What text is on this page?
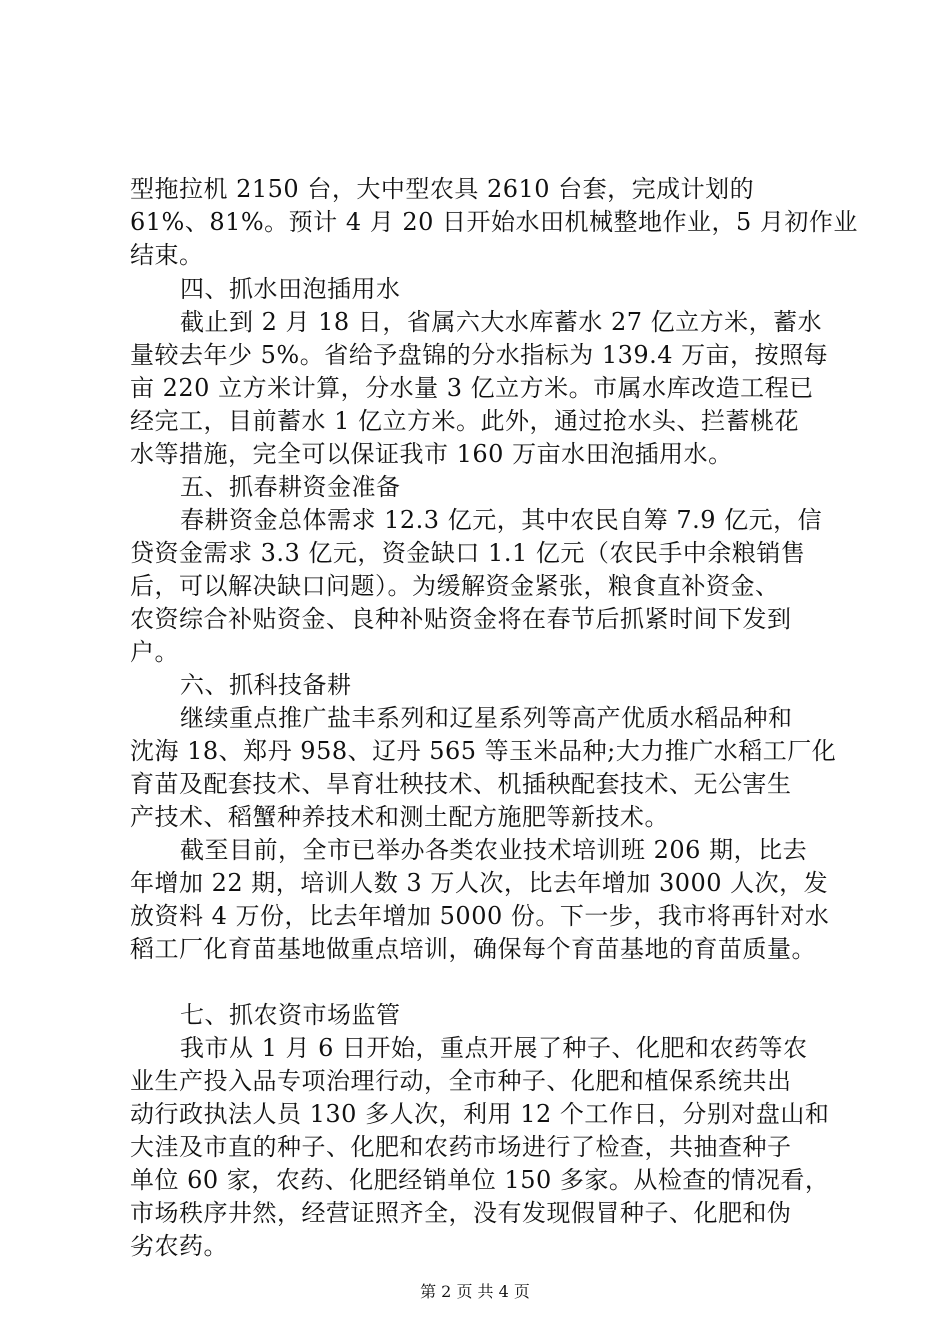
型拖拉机 2150 台，大中型农具 2610 台套，完成计划的
61%、81%。预计 4 月 20 日开始水田机械整地作业，5 月初作业
结束。
四、抓水田泡插用水
截止到 2 月 18 日，省属六大水库蓄水 27 亿立方米，蓄水
量较去年少 5%。省给予盘锦的分水指标为 139.4 万亩，按照每
亩 220 立方米计算，分水量 3 亿立方米。市属水库改造工程已
经完工，目前蓄水 1 亿立方米。此外，通过抢水头、拦蓄桃花
水等措施，完全可以保证我市 160 万亩水田泡插用水。
五、抓春耕资金准备
春耕资金总体需求 12.3 亿元，其中农民自筹 7.9 亿元，信
贷资金需求 3.3 亿元，资金缺口 1.1 亿元（农民手中余粮销售
后，可以解决缺口问题）。为缓解资金紧张，粮食直补资金、
农资综合补贴资金、良种补贴资金将在春节后抓紧时间下发到
户。
六、抓科技备耕
继续重点推广盐丰系列和辽星系列等高产优质水稻品种和
沈海 18、郑丹 958、辽丹 565 等玉米品种;大力推广水稻工厂化
育苗及配套技术、旱育壮秧技术、机插秧配套技术、无公害生
产技术、稻蟹种养技术和测土配方施肥等新技术。
截至目前，全市已举办各类农业技术培训班 206 期，比去
年增加 22 期，培训人数 3 万人次，比去年增加 3000 人次，发
放资料 4 万份，比去年增加 5000 份。下一步，我市将再针对水
稻工厂化育苗基地做重点培训，确保每个育苗基地的育苗质量。
七、抓农资市场监管
我市从 1 月 6 日开始，重点开展了种子、化肥和农药等农
业生产投入品专项治理行动，全市种子、化肥和植保系统共出
动行政执法人员 130 多人次，利用 12 个工作日，分别对盘山和
大洼及市直的种子、化肥和农药市场进行了检查，共抽查种子
单位 60 家，农药、化肥经销单位 150 多家。从检查的情况看，
市场秩序井然，经营证照齐全，没有发现假冒种子、化肥和伪
劣农药。
第 2 页 共 4 页
